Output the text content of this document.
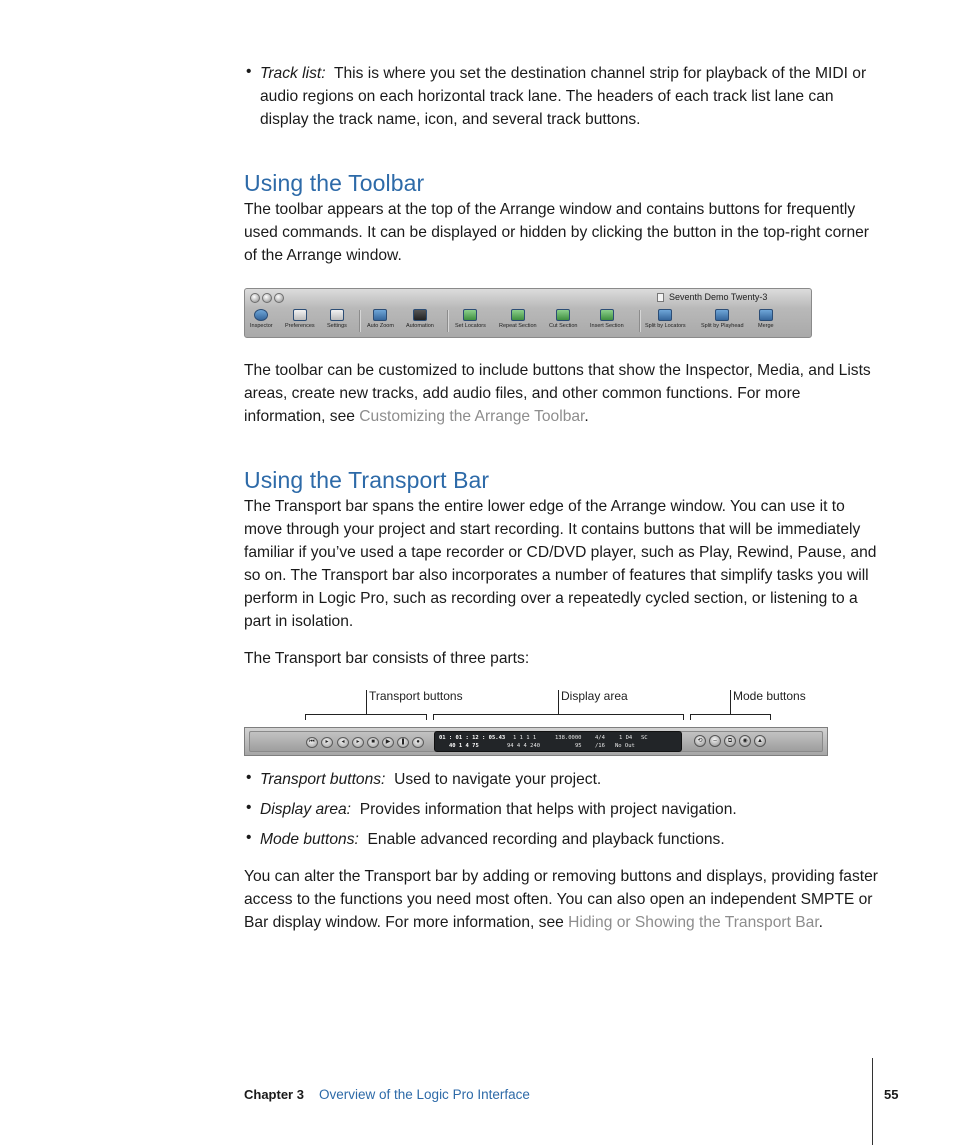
• Track list: This is where you set the destination channel strip for playback of the MIDI or audio regions on each horizontal track lane. The headers of each track list lane can display the track name, icon, and several track buttons.

Using the Toolbar

The toolbar appears at the top of the Arrange window and contains buttons for frequently used commands. It can be displayed or hidden by clicking the button in the top-right corner of the Arrange window.

Seventh Demo Twenty-3
Inspector Preferences Settings	Auto Zoom Automation	Set Locators Repeat Section Cut Section Insert Section	Split by Locators	Split by Playhead	Merge

The toolbar can be customized to include buttons that show the Inspector, Media, and Lists areas, create new tracks, add audio files, and other common functions. For more information, see Customizing the Arrange Toolbar.

Using the Transport Bar

The Transport bar spans the entire lower edge of the Arrange window. You can use it to move through your project and start recording. It contains buttons that will be immediately familiar if you’ve used a tape recorder or CD/DVD player, such as Play, Rewind, Pause, and so on. The Transport bar also incorporates a number of features that simplify tasks you will perform in Logic Pro, such as recording over a repeatedly cycled section, or listening to a part in isolation.

The Transport bar consists of three parts:

Transport buttons	Display area	Mode buttons
⏮	▸	◂	▸	■	▶	❚	●
01 : 01 : 12 : 05.43
40 1 4 75
1 1 1 1
94 4 4 240
138.0000
95
4/4
/16
1 D4
No Out
SC	⟲	–	⧉	◉	▲
• Transport buttons: Used to navigate your project.

• Display area: Provides information that helps with project navigation.

• Mode buttons: Enable advanced recording and playback functions.

You can alter the Transport bar by adding or removing buttons and displays, providing faster access to the functions you need most often. You can also open an independent SMPTE or Bar display window. For more information, see Hiding or Showing the Transport Bar.

Chapter 3 Overview of the Logic Pro Interface	55
